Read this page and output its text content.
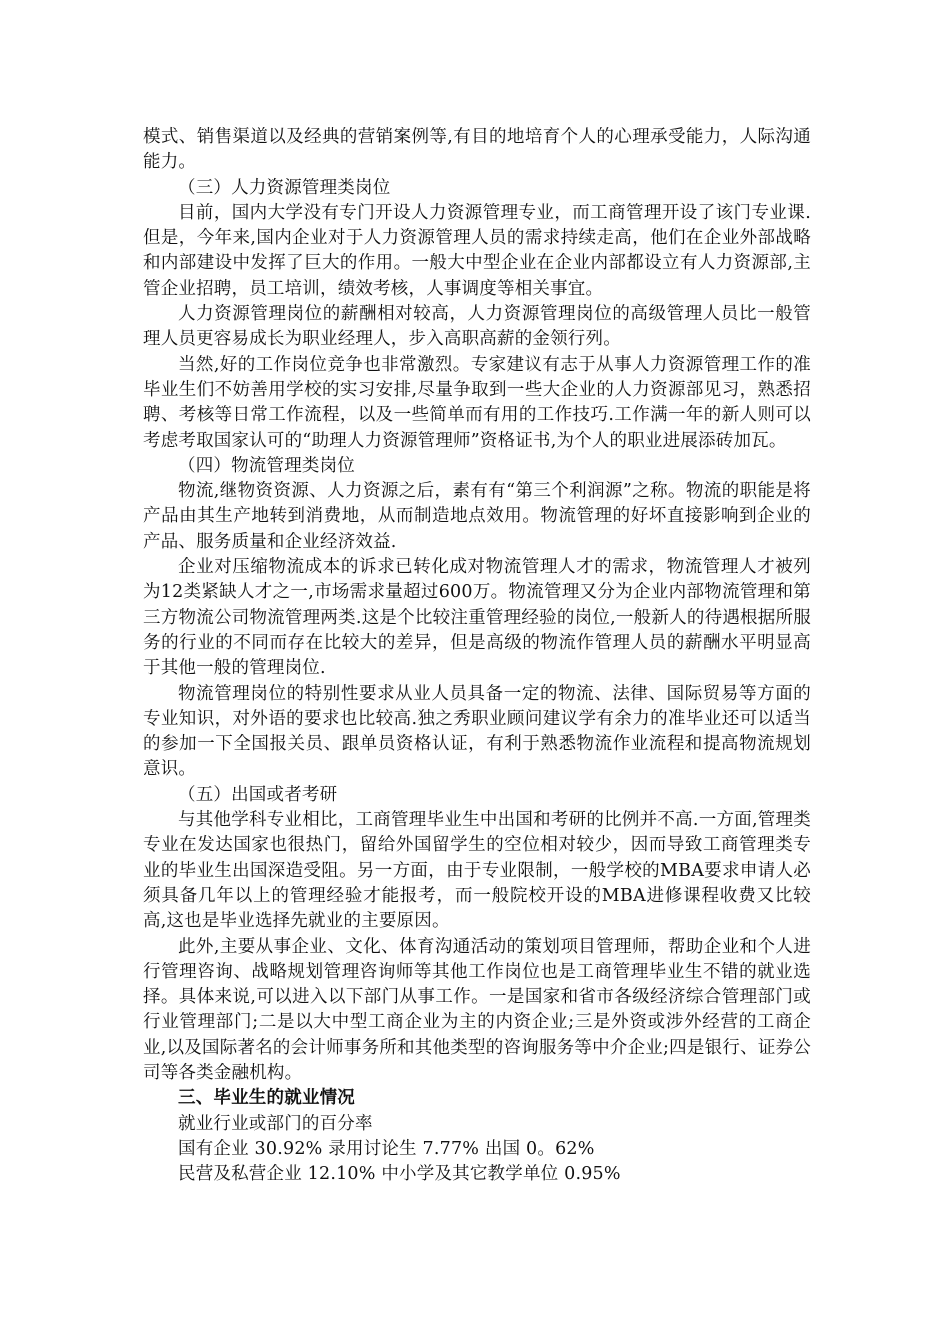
模式、销售渠道以及经典的营销案例等,有目的地培育个人的心理承受能力，人际沟通能力。

（三）人力资源管理类岗位

目前，国内大学没有专门开设人力资源管理专业，而工商管理开设了该门专业课.但是，今年来,国内企业对于人力资源管理人员的需求持续走高，他们在企业外部战略和内部建设中发挥了巨大的作用。一般大中型企业在企业内部都设立有人力资源部,主管企业招聘，员工培训，绩效考核，人事调度等相关事宜。

人力资源管理岗位的薪酬相对较高，人力资源管理岗位的高级管理人员比一般管理人员更容易成长为职业经理人，步入高职高薪的金领行列。

当然,好的工作岗位竞争也非常激烈。专家建议有志于从事人力资源管理工作的准毕业生们不妨善用学校的实习安排,尽量争取到一些大企业的人力资源部见习，熟悉招聘、考核等日常工作流程，以及一些简单而有用的工作技巧.工作满一年的新人则可以考虑考取国家认可的“助理人力资源管理师”资格证书,为个人的职业进展添砖加瓦。

（四）物流管理类岗位

物流,继物资资源、人力资源之后，素有有“第三个利润源”之称。物流的职能是将产品由其生产地转到消费地，从而制造地点效用。物流管理的好坏直接影响到企业的产品、服务质量和企业经济效益.

企业对压缩物流成本的诉求已转化成对物流管理人才的需求，物流管理人才被列为12类紧缺人才之一,市场需求量超过600万。物流管理又分为企业内部物流管理和第三方物流公司物流管理两类.这是个比较注重管理经验的岗位,一般新人的待遇根据所服务的行业的不同而存在比较大的差异，但是高级的物流作管理人员的薪酬水平明显高于其他一般的管理岗位.

物流管理岗位的特别性要求从业人员具备一定的物流、法律、国际贸易等方面的专业知识，对外语的要求也比较高.独之秀职业顾问建议学有余力的准毕业还可以适当的参加一下全国报关员、跟单员资格认证，有利于熟悉物流作业流程和提高物流规划意识。

（五）出国或者考研

与其他学科专业相比，工商管理毕业生中出国和考研的比例并不高.一方面,管理类专业在发达国家也很热门，留给外国留学生的空位相对较少，因而导致工商管理类专业的毕业生出国深造受阻。另一方面，由于专业限制，一般学校的MBA要求申请人必须具备几年以上的管理经验才能报考，而一般院校开设的MBA进修课程收费又比较高,这也是毕业选择先就业的主要原因。

此外,主要从事企业、文化、体育沟通活动的策划项目管理师，帮助企业和个人进行管理咨询、战略规划管理咨询师等其他工作岗位也是工商管理毕业生不错的就业选择。具体来说,可以进入以下部门从事工作。一是国家和省市各级经济综合管理部门或行业管理部门;二是以大中型工商企业为主的内资企业;三是外资或涉外经营的工商企业,以及国际著名的会计师事务所和其他类型的咨询服务等中介企业;四是银行、证券公司等各类金融机构。

三、毕业生的就业情况

就业行业或部门的百分率

国有企业 30.92% 录用讨论生 7.77% 出国 0。62%

民营及私营企业 12.10% 中小学及其它教学单位 0.95%
